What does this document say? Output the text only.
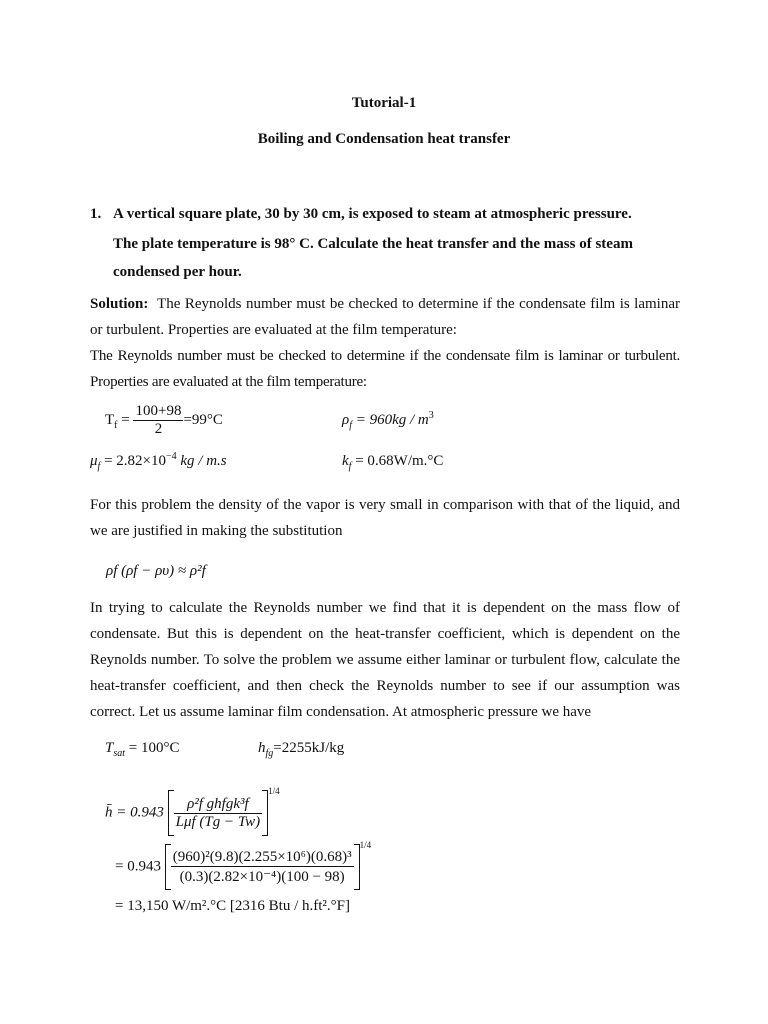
Tutorial-1
Boiling and Condensation heat transfer
1. A vertical square plate, 30 by 30 cm, is exposed to steam at atmospheric pressure.
The plate temperature is 98° C. Calculate the heat transfer and the mass of steam
condensed per hour.
Solution: The Reynolds number must be checked to determine if the condensate film is laminar or turbulent. Properties are evaluated at the film temperature:
The Reynolds number must be checked to determine if the condensate film is laminar or turbulent. Properties are evaluated at the film temperature:
$T_f = \frac{100+98}{2} =99^\circ C$	$\rho_f = 960kg / m^3$
$\mu_f = 2.82\times 10^{-4}$ kg / m.s	$k_f = 0.68W/m.^\circ C$
For this problem the density of the vapor is very small in comparison with that of the liquid, and we are justified in making the substitution
ρf (ρf − ρυ) ≈ ρ²f
In trying to calculate the Reynolds number we find that it is dependent on the mass flow of condensate. But this is dependent on the heat-transfer coefficient, which is dependent on the Reynolds number. To solve the problem we assume either laminar or turbulent flow, calculate the heat-transfer coefficient, and then check the Reynolds number to see if our assumption was correct. Let us assume laminar film condensation. At atmospheric pressure we have
$T_{sat} = 100^\circ C$	$h_{fg}=2255kJ/kg$
h̄ = $0.943 \frac{\text{ρ²f ghfgk³f}}{\text{Lμf (Tg − Tw)}}$
$^{1/4}$
= $0.943 \frac{\text{(960)²(9.8)(2.255×10⁶)(0.68)³}}{\text{(0.3)(2.82×10⁻⁴)(100 − 98)}}$
$^{1/4}$
= 13,150 W/m².°C [2316 Btu / h.ft².°F]
